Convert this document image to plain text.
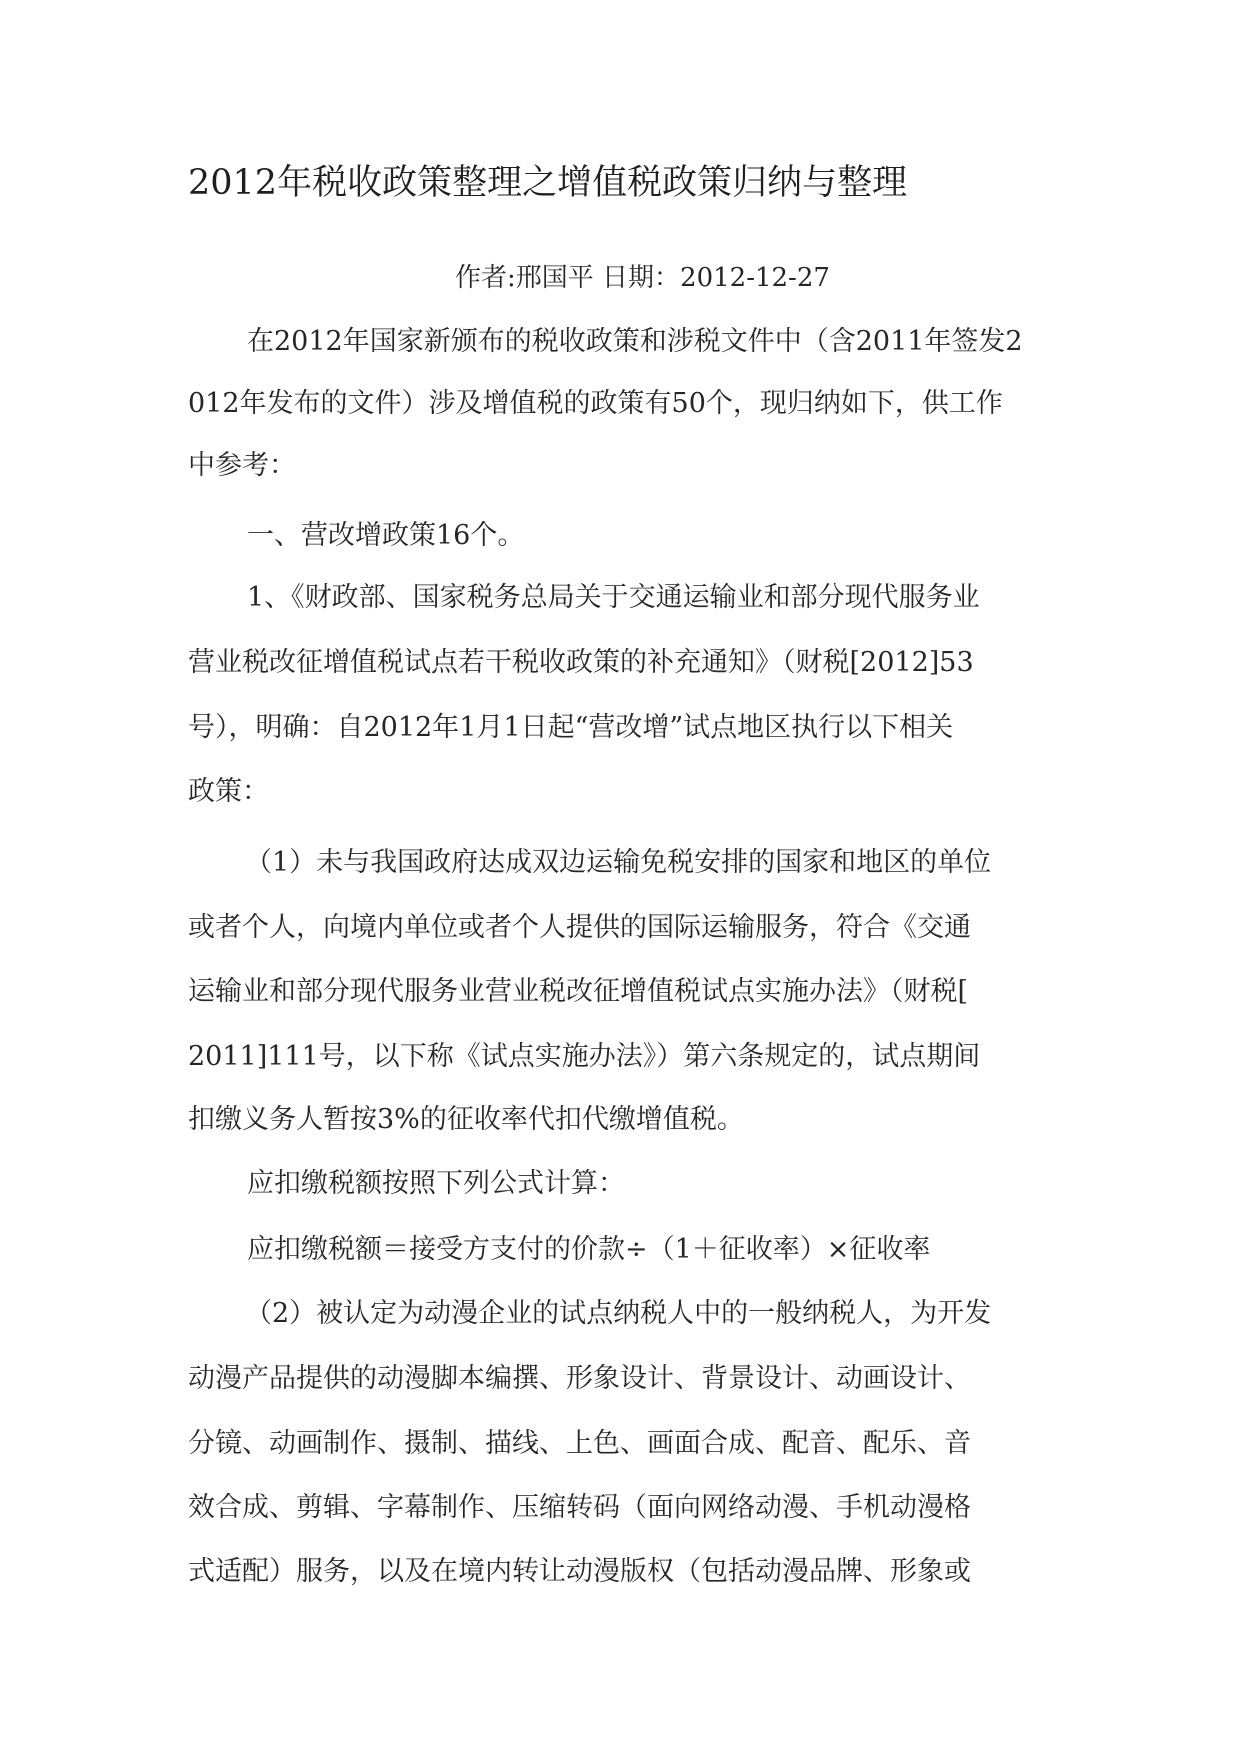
2012年税收政策整理之增值税政策归纳与整理
作者:邢国平 日期：2012-12-27
在2012年国家新颁布的税收政策和涉税文件中（含2011年签发2
012年发布的文件）涉及增值税的政策有50个，现归纳如下，供工作
中参考：
一、营改增政策16个。
1、《财政部、国家税务总局关于交通运输业和部分现代服务业
营业税改征增值税试点若干税收政策的补充通知》（财税[2012]53
号），明确：自2012年1月1日起“营改增”试点地区执行以下相关
政策：
（1）未与我国政府达成双边运输免税安排的国家和地区的单位
或者个人，向境内单位或者个人提供的国际运输服务，符合《交通
运输业和部分现代服务业营业税改征增值税试点实施办法》（财税[
2011]111号，以下称《试点实施办法》）第六条规定的，试点期间
扣缴义务人暂按3%的征收率代扣代缴增值税。
应扣缴税额按照下列公式计算：
应扣缴税额＝接受方支付的价款÷（1＋征收率）×征收率
（2）被认定为动漫企业的试点纳税人中的一般纳税人，为开发
动漫产品提供的动漫脚本编撰、形象设计、背景设计、动画设计、
分镜、动画制作、摄制、描线、上色、画面合成、配音、配乐、音
效合成、剪辑、字幕制作、压缩转码（面向网络动漫、手机动漫格
式适配）服务，以及在境内转让动漫版权（包括动漫品牌、形象或
